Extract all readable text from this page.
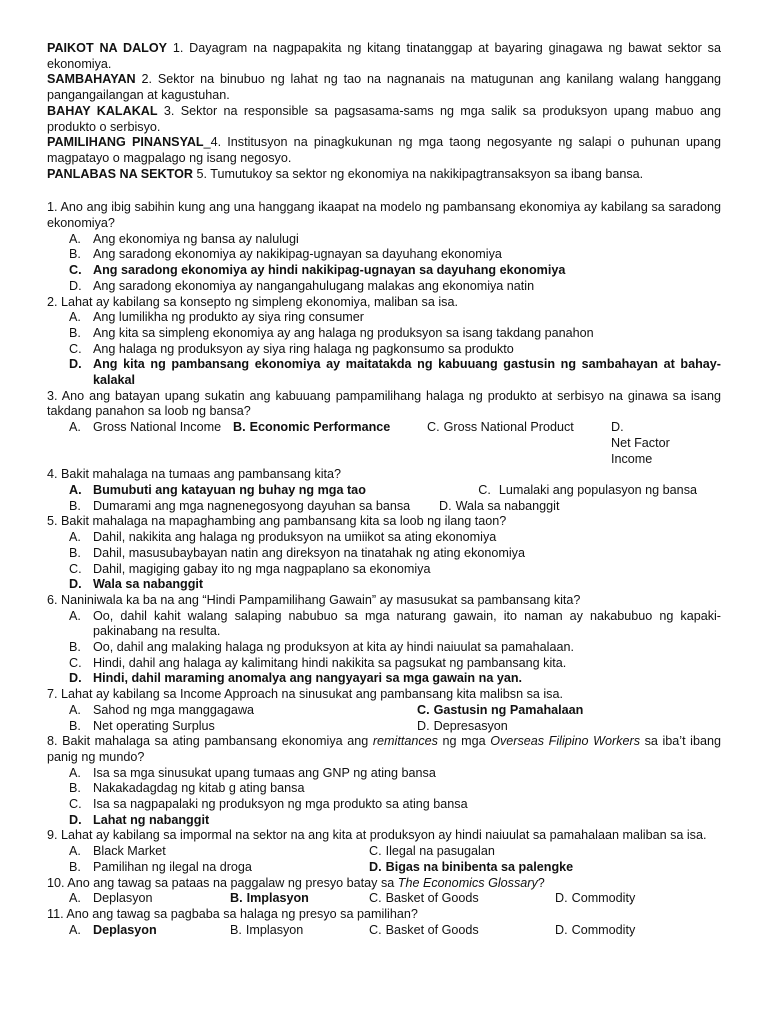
PAIKOT NA DALOY 1. Dayagram na nagpapakita ng kitang tinatanggap at bayaring ginagawa ng bawat sektor sa ekonomiya.

SAMBAHAYAN 2. Sektor na binubuo ng lahat ng tao na nagnanais na matugunan ang kanilang walang hanggang pangangailangan at kagustuhan.

BAHAY KALAKAL 3. Sektor na responsible sa pagsasama-sams ng mga salik sa produksyon upang mabuo ang produkto o serbisyo.

PAMILIHANG PINANSYAL_4. Institusyon na pinagkukunan ng mga taong negosyante ng salapi o puhunan upang magpatayo o magpalago ng isang negosyo.

PANLABAS NA SEKTOR 5. Tumutukoy sa sektor ng ekonomiya na nakikipagtransaksyon sa ibang bansa.

1. Ano ang ibig sabihin kung ang una hanggang ikaapat na modelo ng pambansang ekonomiya ay kabilang sa saradong ekonomiya?

A. Ang ekonomiya ng bansa ay nalulugi
B. Ang saradong ekonomiya ay nakikipag-ugnayan sa dayuhang ekonomiya
C. Ang saradong ekonomiya ay hindi nakikipag-ugnayan sa dayuhang ekonomiya
D. Ang saradong ekonomiya ay nangangahulugang malakas ang ekonomiya natin

2. Lahat ay kabilang sa konsepto ng simpleng ekonomiya, maliban sa isa.

A. Ang lumilikha ng produkto ay siya ring consumer
B. Ang kita sa simpleng ekonomiya ay ang halaga ng produksyon sa isang takdang panahon
C. Ang halaga ng produksyon ay siya ring halaga ng pagkonsumo sa produkto
D. Ang kita ng pambansang ekonomiya ay maitatakda ng kabuuang gastusin ng sambahayan at bahay-kalakal

3. Ano ang batayan upang sukatin ang kabuuang pampamilihang halaga ng produkto at serbisyo na ginawa sa isang takdang panahon sa loob ng bansa?

A. Gross National Income B. Economic Performance	C. Gross National Product	D.
Net Factor Income

4. Bakit mahalaga na tumaas ang pambansang kita?

A. Bumubuti ang katayuan ng buhay ng mga tao	C. Lumalaki ang populasyon ng bansa
B. Dumarami ang mga nagnenegosyong dayuhan sa bansa D. Wala sa nabanggit

5. Bakit mahalaga na mapaghambing ang pambansang kita sa loob ng ilang taon?

A. Dahil, nakikita ang halaga ng produksyon na umiikot sa ating ekonomiya
B. Dahil, masusubaybayan natin ang direksyon na tinatahak ng ating ekonomiya
C. Dahil, magiging gabay ito ng mga nagpaplano sa ekonomiya
D. Wala sa nabanggit

6. Naniniwala ka ba na ang “Hindi Pampamilihang Gawain” ay masusukat sa pambansang kita?

A. Oo, dahil kahit walang salaping nabubuo sa mga naturang gawain, ito naman ay nakabubuo ng kapaki-pakinabang na resulta.
B. Oo, dahil ang malaking halaga ng produksyon at kita ay hindi naiuulat sa pamahalaan.
C. Hindi, dahil ang halaga ay kalimitang hindi nakikita sa pagsukat ng pambansang kita.
D. Hindi, dahil maraming anomalya ang nangyayari sa mga gawain na yan.

7. Lahat ay kabilang sa Income Approach na sinusukat ang pambansang kita malibsn sa isa.

A. Sahod ng mga manggagawa	C. Gastusin ng Pamahalaan
B. Net operating Surplus	D. Depresasyon

8. Bakit mahalaga sa ating pambansang ekonomiya ang remittances ng mga Overseas Filipino Workers sa iba’t ibang panig ng mundo?

A. Isa sa mga sinusukat upang tumaas ang GNP ng ating bansa
B. Nakakadagdag ng kitab g ating bansa
C. Isa sa nagpapalaki ng produksyon ng mga produkto sa ating bansa
D. Lahat ng nabanggit

9. Lahat ay kabilang sa impormal na sektor na ang kita at produksyon ay hindi naiuulat sa pamahalaan maliban sa isa.

A. Black Market	C. Ilegal na pasugalan
B. Pamilihan ng ilegal na droga	D. Bigas na binibenta sa palengke

10. Ano ang tawag sa pataas na paggalaw ng presyo batay sa The Economics Glossary?

A. Deplasyon	B. Implasyon	C. Basket of Goods	D. Commodity

11. Ano ang tawag sa pagbaba sa halaga ng presyo sa pamilihan?

A. Deplasyon	B. Implasyon	C. Basket of Goods	D. Commodity
